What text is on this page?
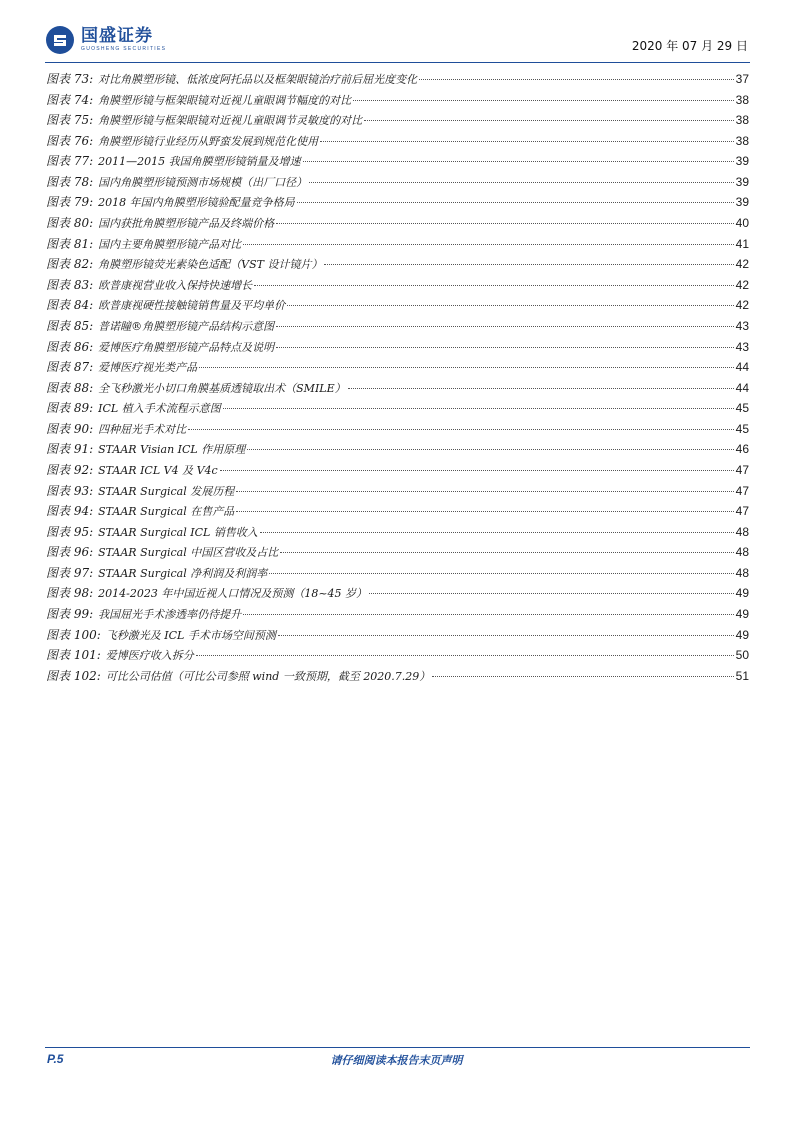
国盛证券
GUOSHENG SECURITIES	2020 年 07 月 29 日
图表 73: 对比角膜塑形镜、低浓度阿托品以及框架眼镜治疗前后屈光度变化	37
图表 74: 角膜塑形镜与框架眼镜对近视儿童眼调节幅度的对比	38
图表 75: 角膜塑形镜与框架眼镜对近视儿童眼调节灵敏度的对比	38
图表 76: 角膜塑形镜行业经历从野蛮发展到规范化使用	38
图表 77: 2011—2015 我国角膜塑形镜销量及增速	39
图表 78: 国内角膜塑形镜预测市场规模（出厂口径）	39
图表 79: 2018 年国内角膜塑形镜验配量竞争格局	39
图表 80: 国内获批角膜塑形镜产品及终端价格	40
图表 81: 国内主要角膜塑形镜产品对比	41
图表 82: 角膜塑形镜荧光素染色适配（VST 设计镜片）	42
图表 83: 欧普康视营业收入保持快速增长	42
图表 84: 欧普康视硬性接触镜销售量及平均单价	42
图表 85: 普诺瞳®角膜塑形镜产品结构示意图	43
图表 86: 爱博医疗角膜塑形镜产品特点及说明	43
图表 87: 爱博医疗视光类产品	44
图表 88: 全飞秒激光小切口角膜基质透镜取出术（SMILE）	44
图表 89: ICL 植入手术流程示意图	45
图表 90: 四种屈光手术对比	45
图表 91: STAAR Visian ICL 作用原理	46
图表 92: STAAR ICL V4 及 V4c	47
图表 93: STAAR Surgical 发展历程	47
图表 94: STAAR Surgical 在售产品	47
图表 95: STAAR Surgical ICL 销售收入	48
图表 96: STAAR Surgical 中国区营收及占比	48
图表 97: STAAR Surgical 净利润及利润率	48
图表 98: 2014-2023 年中国近视人口情况及预测（18~45 岁）	49
图表 99: 我国屈光手术渗透率仍待提升	49
图表 100: 飞秒激光及 ICL 手术市场空间预测	49
图表 101: 爱博医疗收入拆分	50
图表 102: 可比公司估值（可比公司参照 wind 一致预期，截至 2020.7.29）	51
P.5	请仔细阅读本报告末页声明
